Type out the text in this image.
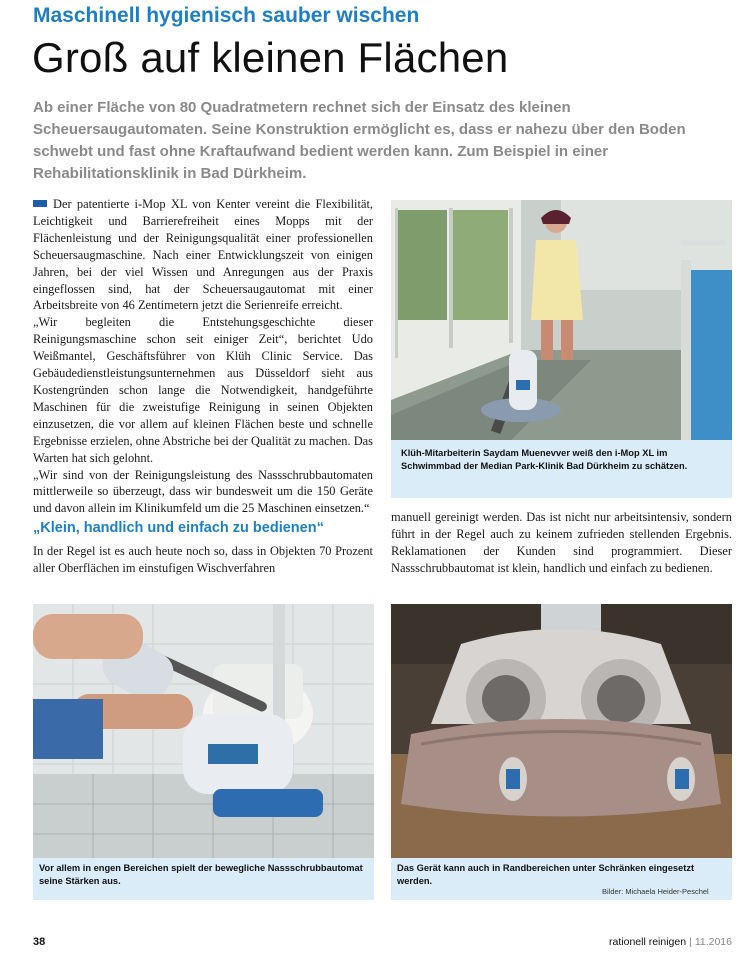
Maschinell hygienisch sauber wischen
Groß auf kleinen Flächen
Ab einer Fläche von 80 Quadratmetern rechnet sich der Einsatz des kleinen Scheuersaugautomaten. Seine Konstruktion ermöglicht es, dass er nahezu über den Boden schwebt und fast ohne Kraftaufwand bedient werden kann. Zum Beispiel in einer Rehabilitationsklinik in Bad Dürkheim.

Der patentierte i-Mop XL von Kenter vereint die Flexibilität, Leichtigkeit und Barrierefreiheit eines Mopps mit der Flächenleistung und der Reinigungsqualität einer professionellen Scheuersaugmaschine. Nach einer Entwicklungszeit von einigen Jahren, bei der viel Wissen und Anregungen aus der Praxis eingeflossen sind, hat der Scheuersaugautomat mit einer Arbeitsbreite von 46 Zentimetern jetzt die Serienreife erreicht.

„Wir begleiten die Entstehungsgeschichte dieser Reinigungsmaschine schon seit einiger Zeit“, berichtet Udo Weißmantel, Geschäftsführer von Klüh Clinic Service. Das Gebäudedienstleistungsunternehmen aus Düsseldorf sieht aus Kostengründen schon lange die Notwendigkeit, handgeführte Maschinen für die zweistufige Reinigung in seinen Objekten einzusetzen, die vor allem auf kleinen Flächen beste und schnelle Ergebnisse erzielen, ohne Abstriche bei der Qualität zu machen. Das Warten hat sich gelohnt.

„Wir sind von der Reinigungsleistung des Nassschrubbautomaten mittlerweile so überzeugt, dass wir bundesweit um die 150 Geräte und davon allein im Klinikumfeld um die 25 Maschinen einsetzen.“

„Klein, handlich und einfach zu bedienen“

In der Regel ist es auch heute noch so, dass in Objekten 70 Prozent aller Oberflächen im einstufigen Wischverfahren

manuell gereinigt werden. Das ist nicht nur arbeitsintensiv, sondern führt in der Regel auch zu keinem zufrieden stellenden Ergebnis. Reklamationen der Kunden sind programmiert. Dieser Nassschrubbautomat ist klein, handlich und einfach zu bedienen.

Klüh-Mitarbeiterin Saydam Muenevver weiß den i-Mop XL im Schwimmbad der Median Park-Klinik Bad Dürkheim zu schätzen.
Vor allem in engen Bereichen spielt der bewegliche Nassschrubbautomat seine Stärken aus.
Das Gerät kann auch in Randbereichen unter Schränken eingesetzt werden.
Bilder: Michaela Heider-Peschel
38	rationell reinigen | 11.2016
